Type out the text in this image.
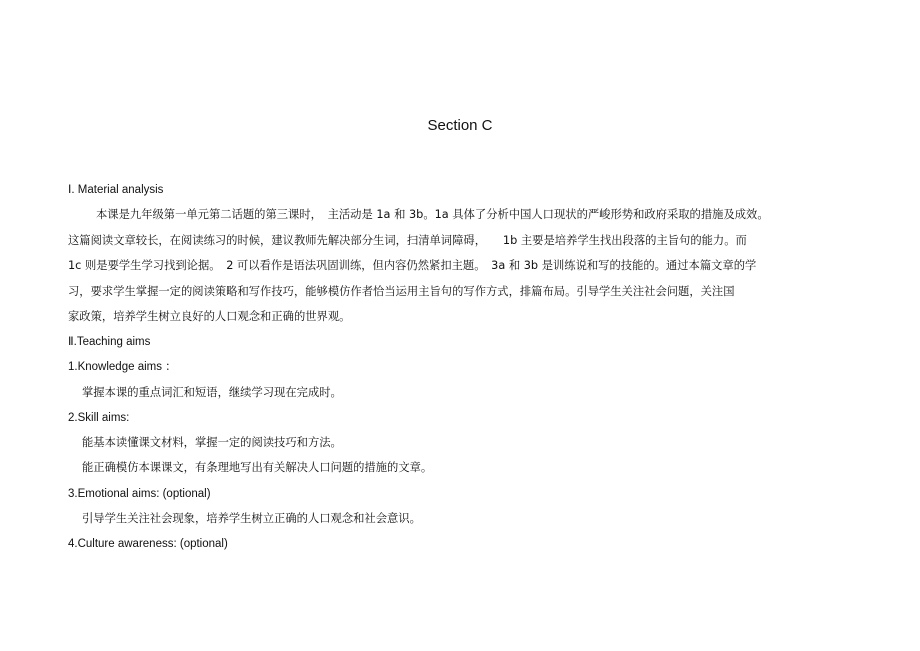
Section C
Ⅰ. Material analysis
本课是九年级第一单元第二话题的第三课时，　主活动是 1a 和 3b。1a 具体了分析中国人口现状的严峻形势和政府采取的措施及成效。
这篇阅读文章较长，在阅读练习的时候，建议教师先解决部分生词，扫清单词障碍，　　1b 主要是培养学生找出段落的主旨句的能力。而
1c 则是要学生学习找到论据。　2 可以看作是语法巩固训练，但内容仍然紧扣主题。　3a 和 3b 是训练说和写的技能的。通过本篇文章的学
习，要求学生掌握一定的阅读策略和写作技巧，能够模仿作者恰当运用主旨句的写作方式，排篇布局。引导学生关注社会问题，关注国
家政策，培养学生树立良好的人口观念和正确的世界观。
Ⅱ.Teaching aims
1.Knowledge aims ：
掌握本课的重点词汇和短语，继续学习现在完成时。
2.Skill aims:
能基本读懂课文材料，掌握一定的阅读技巧和方法。
能正确模仿本课课文，有条理地写出有关解决人口问题的措施的文章。
3.Emotional aims: (optional)
引导学生关注社会现象，培养学生树立正确的人口观念和社会意识。
4.Culture awareness: (optional)
